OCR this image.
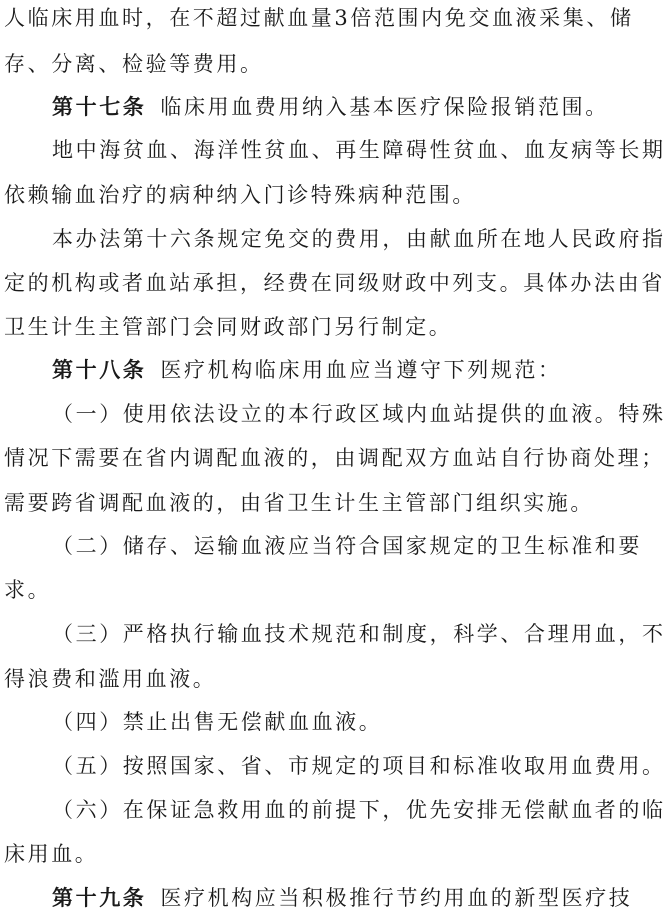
人临床用血时，在不超过献血量3倍范围内免交血液采集、储
存、分离、检验等费用。
第十七条 临床用血费用纳入基本医疗保险报销范围。
地中海贫血、海洋性贫血、再生障碍性贫血、血友病等长期
依赖输血治疗的病种纳入门诊特殊病种范围。
本办法第十六条规定免交的费用，由献血所在地人民政府指
定的机构或者血站承担，经费在同级财政中列支。具体办法由省
卫生计生主管部门会同财政部门另行制定。
第十八条 医疗机构临床用血应当遵守下列规范：
（一）使用依法设立的本行政区域内血站提供的血液。特殊
情况下需要在省内调配血液的，由调配双方血站自行协商处理；
需要跨省调配血液的，由省卫生计生主管部门组织实施。
（二）储存、运输血液应当符合国家规定的卫生标准和要
求。
（三）严格执行输血技术规范和制度，科学、合理用血，不
得浪费和滥用血液。
（四）禁止出售无偿献血血液。
（五）按照国家、省、市规定的项目和标准收取用血费用。
（六）在保证急救用血的前提下，优先安排无偿献血者的临
床用血。
第十九条 医疗机构应当积极推行节约用血的新型医疗技
